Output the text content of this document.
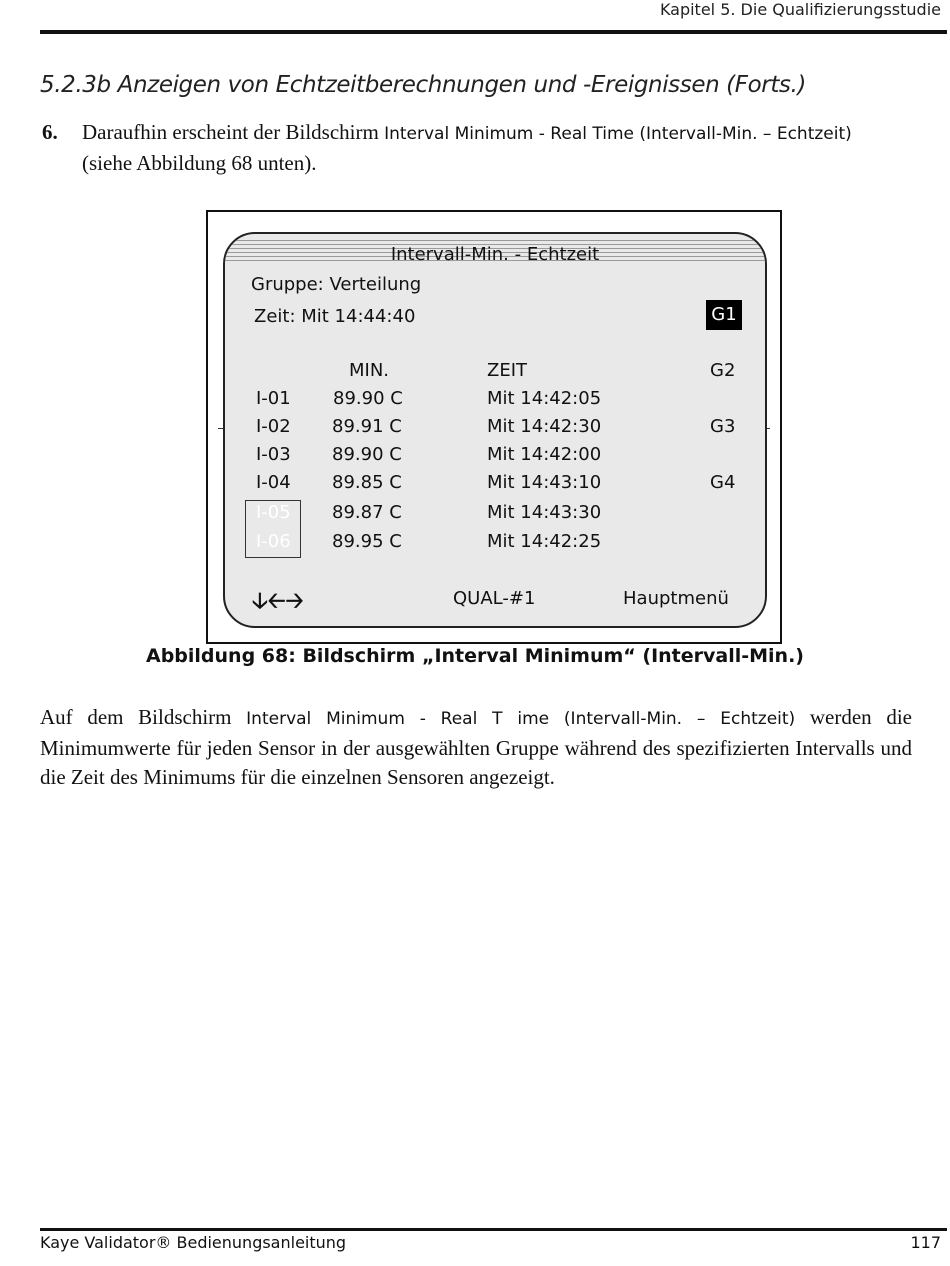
Kapitel 5. Die Qualifizierungsstudie
5.2.3b Anzeigen von Echtzeitberechnungen und -Ereignissen (Forts.)
6. Daraufhin erscheint der Bildschirm Interval Minimum - Real Time (Intervall-Min. – Echtzeit)
(siehe Abbildung 68 unten).
Intervall-Min. - Echtzeit
Gruppe: Verteilung
Zeit: Mit 14:44:40	G1
MIN.	ZEIT	G2
I-01 89.90 C	Mit 14:42:05
I-02 89.91 C	Mit 14:42:30	G3
I-03 89.90 C	Mit 14:42:00
I-04 89.85 C	Mit 14:43:10	G4
I-05 89.87 C	Mit 14:43:30
I-06 89.95 C	Mit 14:42:25
🡣🡠🡢	QUAL-#1	Hauptmenü
Abbildung 68: Bildschirm „Interval Minimum“ (Intervall-Min.)
Auf dem Bildschirm Interval Minimum - Real T ime (Intervall-Min. – Echtzeit) werden die Minimumwerte für jeden Sensor in der ausgewählten Gruppe während des spezifizierten Intervalls und die Zeit des Minimums für die einzelnen Sensoren angezeigt.
Kaye Validator® Bedienungsanleitung	117
